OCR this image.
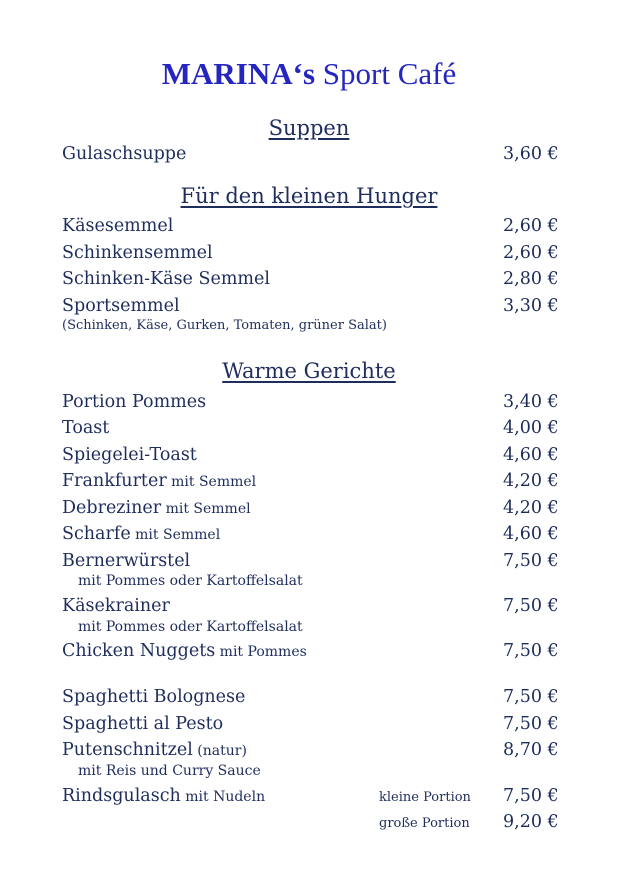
MARINA‘s Sport Café
Suppen
Gulaschsuppe	3,60 €
Für den kleinen Hunger
Käsesemmel	2,60 €
Schinkensemmel	2,60 €
Schinken-Käse Semmel	2,80 €
Sportsemmel	3,30 €
(Schinken, Käse, Gurken, Tomaten, grüner Salat)
Warme Gerichte
Portion Pommes	3,40 €
Toast	4,00 €
Spiegelei-Toast	4,60 €
Frankfurter mit Semmel	4,20 €
Debreziner mit Semmel	4,20 €
Scharfe mit Semmel	4,60 €
Bernerwürstel	7,50 €
mit Pommes oder Kartoffelsalat
Käsekrainer	7,50 €
mit Pommes oder Kartoffelsalat
Chicken Nuggets mit Pommes	7,50 €
Spaghetti Bolognese	7,50 €
Spaghetti al Pesto	7,50 €
Putenschnitzel (natur)	8,70 €
mit Reis und Curry Sauce
Rindsgulasch mit Nudeln	kleine Portion 7,50 €
große Portion 9,20 €
